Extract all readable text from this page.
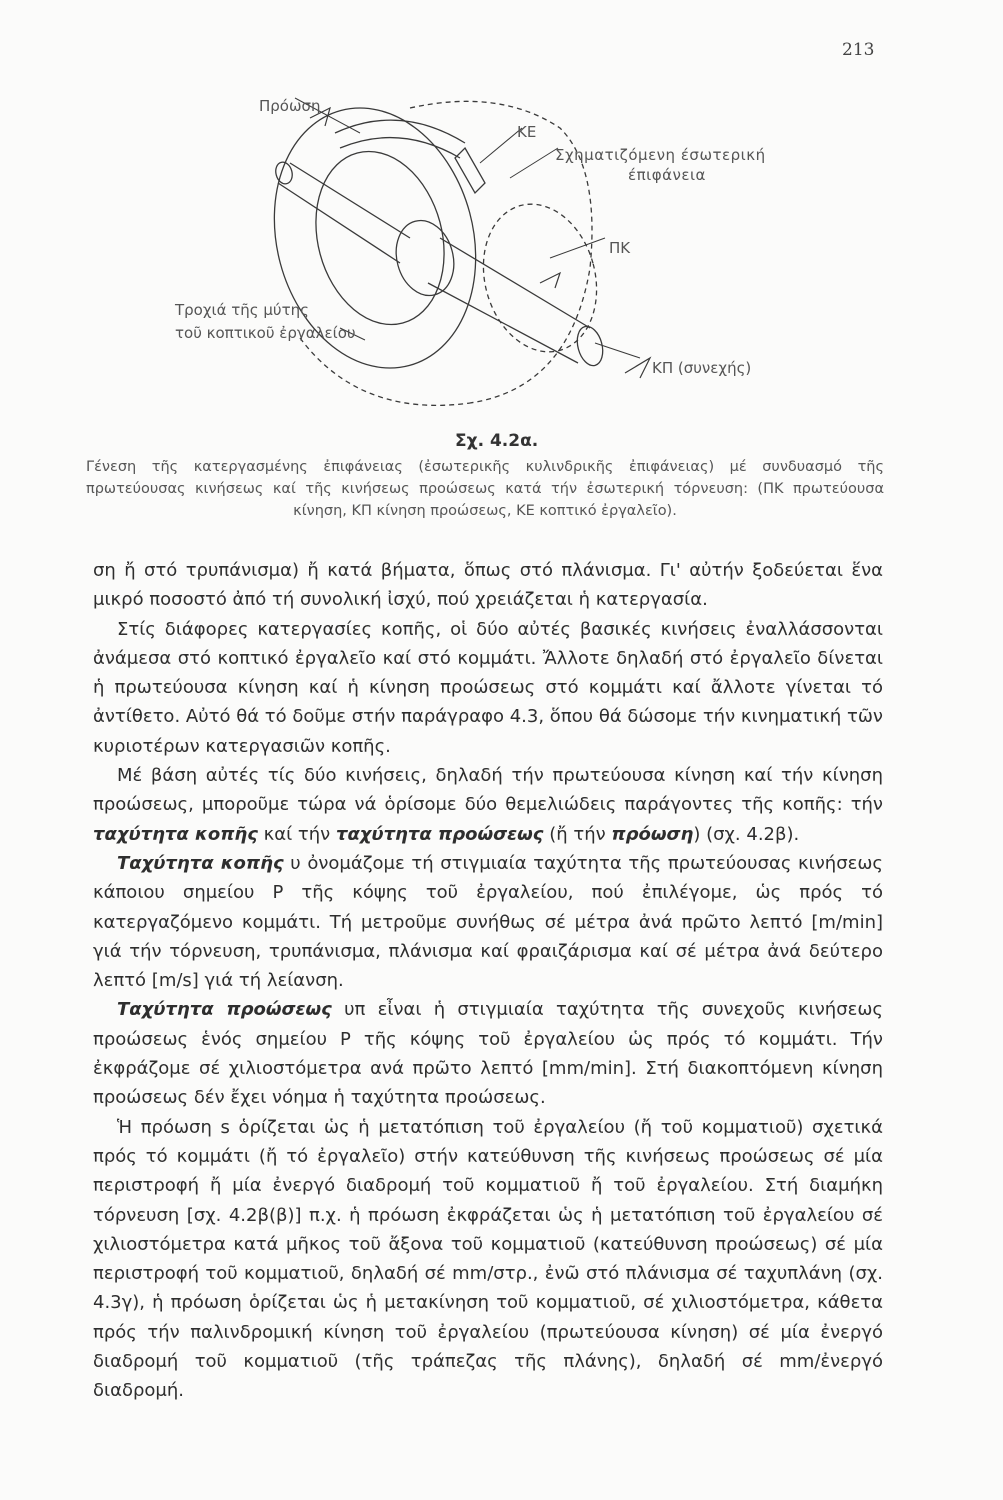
213
Πρόωση
ΚΕ
Σχηματιζόμενη έσωτερική
έπιφάνεια
ΠΚ
Τροχιά τῆς μύτης
τοῦ κοπτικοῦ ἐργαλείου
ΚΠ (συνεχής)
Σχ. 4.2α.
Γένεση τῆς κατεργασμένης ἐπιφάνειας (ἐσωτερικῆς κυλινδρικῆς ἐπιφάνειας) μέ συνδυασμό τῆς πρωτεύουσας κινήσεως καί τῆς κινήσεως προώσεως κατά τήν ἐσωτερική τόρνευση: (ΠΚ πρωτεύουσα κίνηση, ΚΠ κίνηση προώσεως, ΚΕ κοπτικό ἐργαλεῖο).

ση ἤ στό τρυπάνισμα) ἤ κατά βήματα, ὅπως στό πλάνισμα. Γι' αὐτήν ξοδεύεται ἕνα μικρό ποσοστό ἀπό τή συνολική ἰσχύ, πού χρειάζεται ἡ κατεργασία.

Στίς διάφορες κατεργασίες κοπῆς, οἱ δύο αὐτές βασικές κινήσεις ἐναλλάσσονται ἀνάμεσα στό κοπτικό ἐργαλεῖο καί στό κομμάτι. Ἄλλοτε δηλαδή στό ἐργαλεῖο δίνεται ἡ πρωτεύουσα κίνηση καί ἡ κίνηση προώσεως στό κομμάτι καί ἄλλοτε γίνεται τό ἀντίθετο. Αὐτό θά τό δοῦμε στήν παράγραφο 4.3, ὅπου θά δώσομε τήν κινηματική τῶν κυριοτέρων κατεργασιῶν κοπῆς.

Μέ βάση αὐτές τίς δύο κινήσεις, δηλαδή τήν πρωτεύουσα κίνηση καί τήν κίνηση προώσεως, μποροῦμε τώρα νά ὁρίσομε δύο θεμελιώδεις παράγοντες τῆς κοπῆς: τήν ταχύτητα κοπῆς καί τήν ταχύτητα προώσεως (ἤ τήν πρόωση) (σχ. 4.2β).

Ταχύτητα κοπῆς υ ὀνομάζομε τή στιγμιαία ταχύτητα τῆς πρωτεύουσας κινήσεως κάποιου σημείου Ρ τῆς κόψης τοῦ ἐργαλείου, πού ἐπιλέγομε, ὡς πρός τό κατεργαζόμενο κομμάτι. Τή μετροῦμε συνήθως σέ μέτρα ἀνά πρῶτο λεπτό [m/min] γιά τήν τόρνευση, τρυπάνισμα, πλάνισμα καί φραιζάρισμα καί σέ μέτρα ἀνά δεύτερο λεπτό [m/s] γιά τή λείανση.

Ταχύτητα προώσεως υπ εἶναι ἡ στιγμιαία ταχύτητα τῆς συνεχοῦς κινήσεως προώσεως ἑνός σημείου Ρ τῆς κόψης τοῦ ἐργαλείου ὡς πρός τό κομμάτι. Τήν ἐκφράζομε σέ χιλιοστόμετρα ανά πρῶτο λεπτό [mm/min]. Στή διακοπτόμενη κίνηση προώσεως δέν ἔχει νόημα ἡ ταχύτητα προώσεως.

Ἡ πρόωση s ὁρίζεται ὡς ἡ μετατόπιση τοῦ ἐργαλείου (ἤ τοῦ κομματιοῦ) σχετικά πρός τό κομμάτι (ἤ τό ἐργαλεῖο) στήν κατεύθυνση τῆς κινήσεως προώσεως σέ μία περιστροφή ἤ μία ἐνεργό διαδρομή τοῦ κομματιοῦ ἤ τοῦ ἐργαλείου. Στή διαμήκη τόρνευση [σχ. 4.2β(β)] π.χ. ἡ πρόωση ἐκφράζεται ὡς ἡ μετατόπιση τοῦ ἐργαλείου σέ χιλιοστόμετρα κατά μῆκος τοῦ ἄξονα τοῦ κομματιοῦ (κατεύθυνση προώσεως) σέ μία περιστροφή τοῦ κομματιοῦ, δηλαδή σέ mm/στρ., ἐνῶ στό πλάνισμα σέ ταχυπλάνη (σχ. 4.3γ), ἡ πρόωση ὁρίζεται ὡς ἡ μετακίνηση τοῦ κομματιοῦ, σέ χιλιοστόμετρα, κάθετα πρός τήν παλινδρομική κίνηση τοῦ ἐργαλείου (πρωτεύουσα κίνηση) σέ μία ἐνεργό διαδρομή τοῦ κομματιοῦ (τῆς τράπεζας τῆς πλάνης), δηλαδή σέ mm/ἐνεργό διαδρομή.
